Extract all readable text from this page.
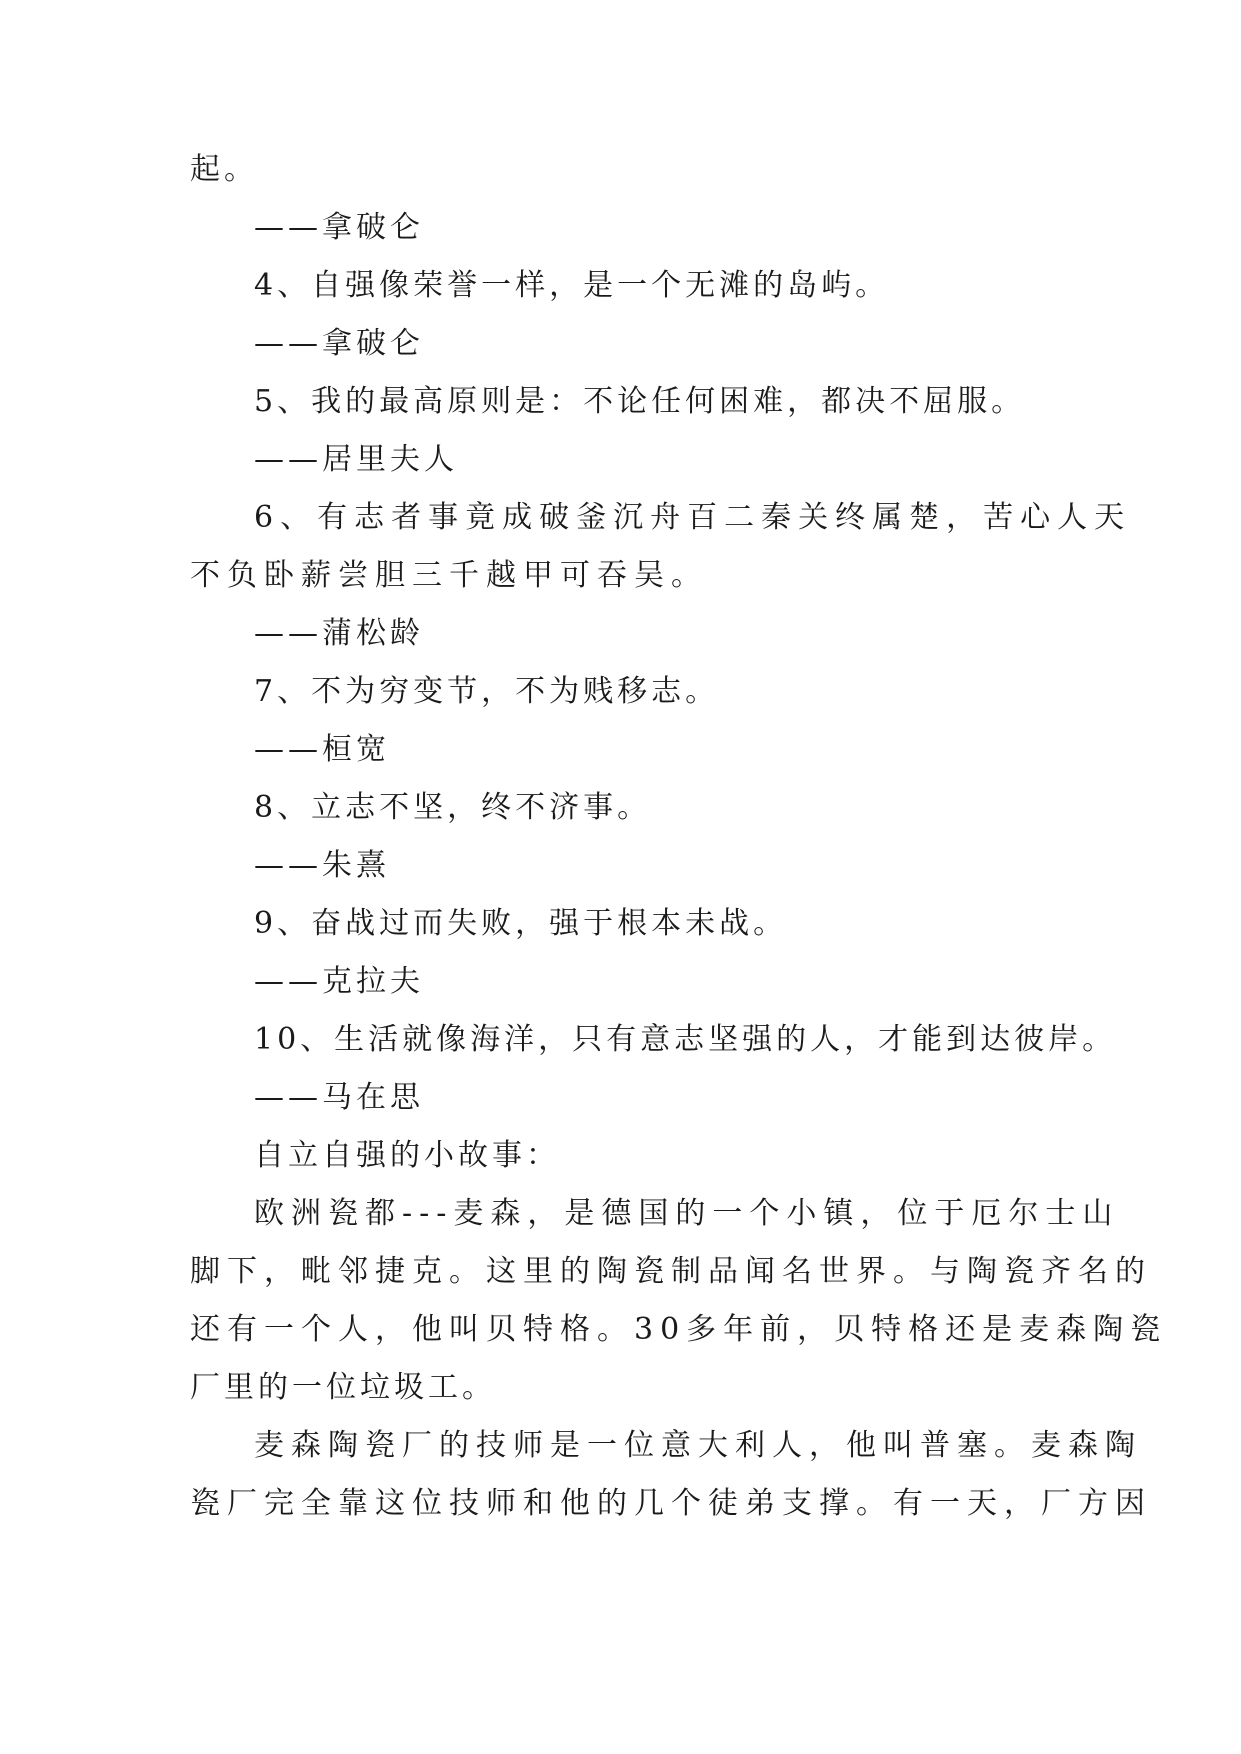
起。
——拿破仑
4、自强像荣誉一样，是一个无滩的岛屿。
——拿破仑
5、我的最高原则是：不论任何困难，都决不屈服。
——居里夫人
6、有志者事竟成破釜沉舟百二秦关终属楚，苦心人天
不负卧薪尝胆三千越甲可吞吴。
——蒲松龄
7、不为穷变节，不为贱移志。
——桓宽
8、立志不坚，终不济事。
——朱熹
9、奋战过而失败，强于根本未战。
——克拉夫
10、生活就像海洋，只有意志坚强的人，才能到达彼岸。
——马在思
自立自强的小故事：
欧洲瓷都---麦森，是德国的一个小镇，位于厄尔士山
脚下，毗邻捷克。这里的陶瓷制品闻名世界。与陶瓷齐名的
还有一个人，他叫贝特格。30多年前，贝特格还是麦森陶瓷
厂里的一位垃圾工。
麦森陶瓷厂的技师是一位意大利人，他叫普塞。麦森陶
瓷厂完全靠这位技师和他的几个徒弟支撑。有一天，厂方因
